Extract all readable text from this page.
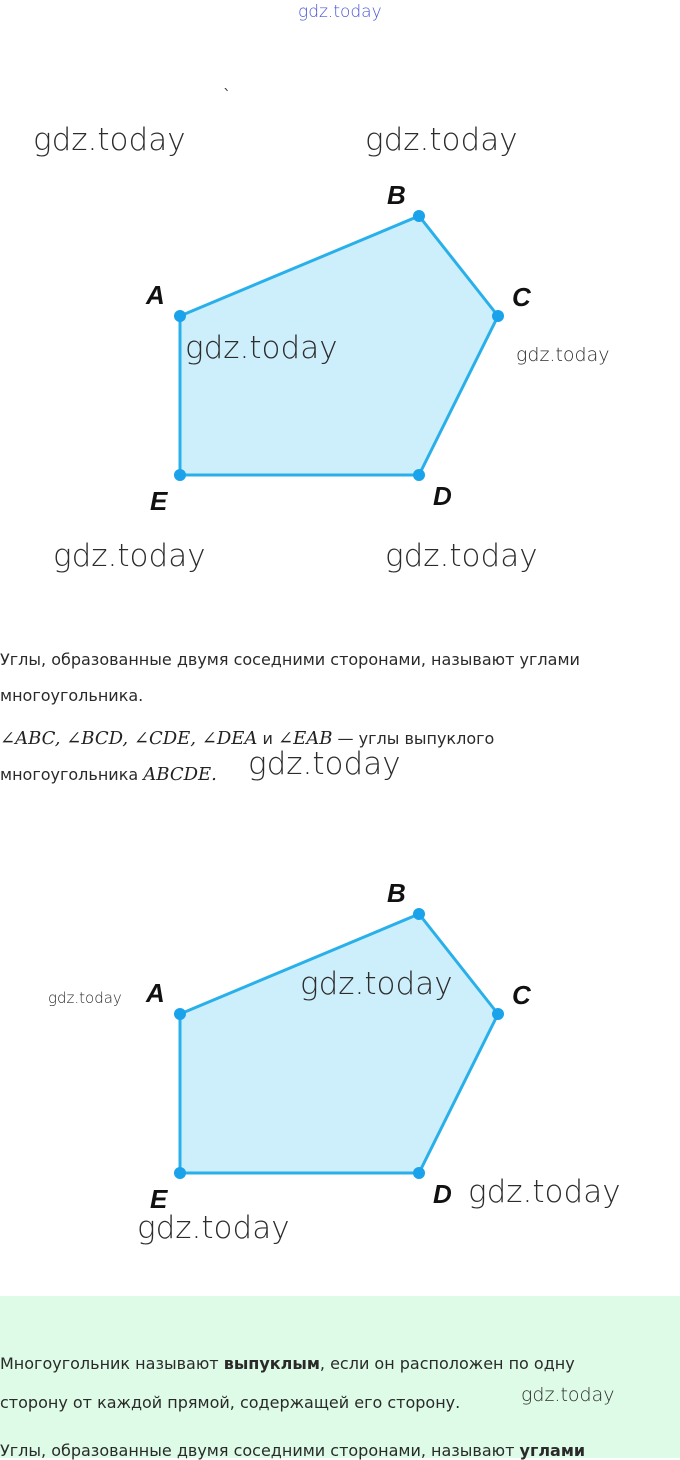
gdz.today
`
gdz.today	gdz.today
A
B
C
D
E
gdz.today	gdz.today
gdz.today	gdz.today
Углы, образованные двумя соседними сторонами, называют углами
многоугольника.
∠ABC, ∠BCD, ∠CDE, ∠DEA и ∠EAB — углы выпуклого
многоугольника ABCDE. gdz.today
A
B
C
D
E
gdz.today	gdz.today
gdz.today
gdz.today
Многоугольник называют выпуклым, если он расположен по одну
сторону от каждой прямой, содержащей его сторону.	gdz.today
Углы, образованные двумя соседними сторонами, называют углами
